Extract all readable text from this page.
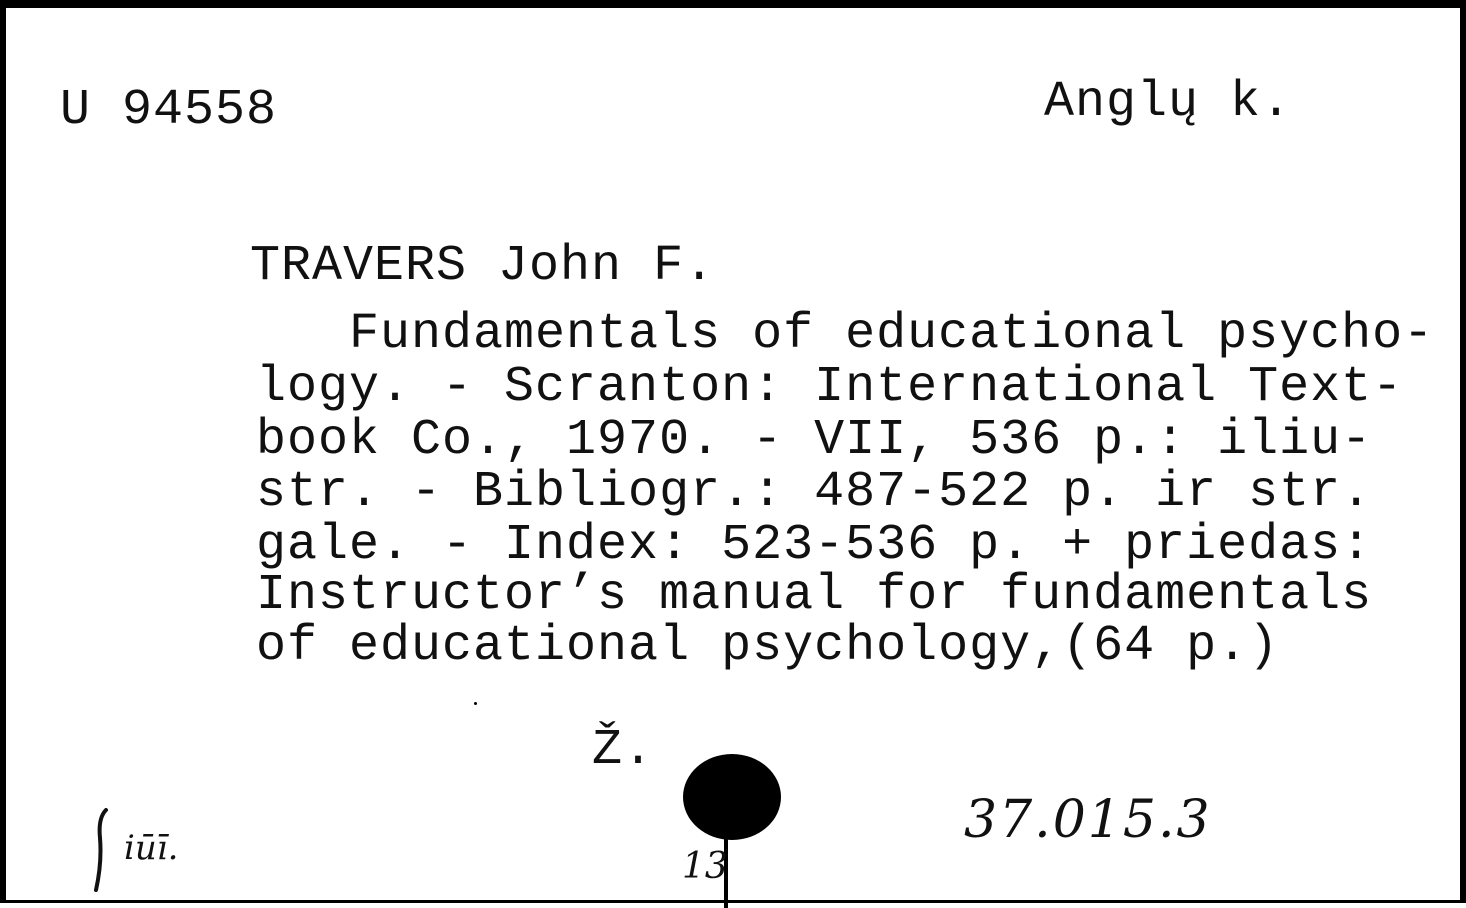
U 94558	Anglų k.
TRAVERS John F.
Fundamentals of educational psycho-
logy. - Scranton: International Text-
book Co., 1970. - VII, 536 p.: iliu-
str. - Bibliogr.: 487-522 p. ir str.
gale. - Index: 523-536 p. + priedas:
Instructor’s manual for fundamentals
of educational psychology,(64 p.)
Ž.
13
37.015.3
iūī.
